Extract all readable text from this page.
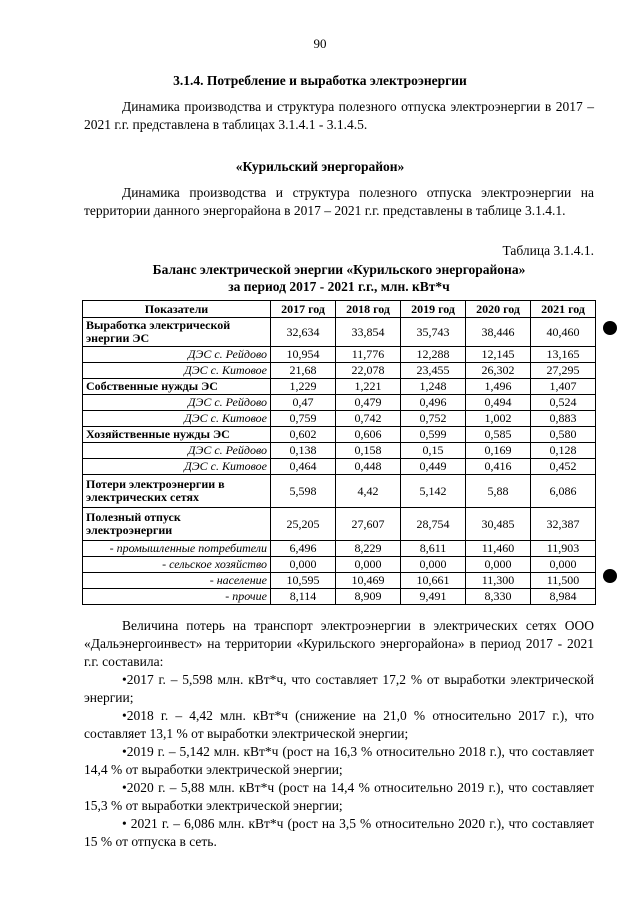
90
3.1.4. Потребление и выработка электроэнергии
Динамика производства и структура полезного отпуска электроэнергии в 2017 – 2021 г.г. представлена в таблицах 3.1.4.1 - 3.1.4.5.
«Курильский энергорайон»
Динамика производства и структура полезного отпуска электроэнергии на территории данного энергорайона в 2017 – 2021 г.г. представлены в таблице 3.1.4.1.
Таблица 3.1.4.1.
Баланс электрической энергии «Курильского энергорайона»
за период 2017 - 2021 г.г., млн. кВт*ч
Показатели	2017 год	2018 год	2019 год	2020 год	2021 год
Выработка электрической энергии ЭС	32,634	33,854	35,743	38,446	40,460
ДЭС с. Рейдово	10,954	11,776	12,288	12,145	13,165
ДЭС с. Китовое	21,68	22,078	23,455	26,302	27,295
Собственные нужды ЭС	1,229	1,221	1,248	1,496	1,407
ДЭС с. Рейдово	0,47	0,479	0,496	0,494	0,524
ДЭС с. Китовое	0,759	0,742	0,752	1,002	0,883
Хозяйственные нужды ЭС	0,602	0,606	0,599	0,585	0,580
ДЭС с. Рейдово	0,138	0,158	0,15	0,169	0,128
ДЭС с. Китовое	0,464	0,448	0,449	0,416	0,452
Потери электроэнергии в электрических сетях	5,598	4,42	5,142	5,88	6,086
Полезный отпуск электроэнергии	25,205	27,607	28,754	30,485	32,387
- промышленные потребители	6,496	8,229	8,611	11,460	11,903
- сельское хозяйство	0,000	0,000	0,000	0,000	0,000
- население	10,595	10,469	10,661	11,300	11,500
- прочие	8,114	8,909	9,491	8,330	8,984
Величина потерь на транспорт электроэнергии в электрических сетях ООО «Дальэнергоинвест» на территории «Курильского энергорайона» в период 2017 - 2021 г.г. составила:
•2017 г. – 5,598 млн. кВт*ч, что составляет 17,2 % от выработки электрической энергии;
•2018 г. – 4,42 млн. кВт*ч (снижение на 21,0 % относительно 2017 г.), что составляет 13,1 % от выработки электрической энергии;
•2019 г. – 5,142 млн. кВт*ч (рост на 16,3 % относительно 2018 г.), что составляет 14,4 % от выработки электрической энергии;
•2020 г. – 5,88 млн. кВт*ч (рост на 14,4 % относительно 2019 г.), что составляет 15,3 % от выработки электрической энергии;
• 2021 г. – 6,086 млн. кВт*ч (рост на 3,5 % относительно 2020 г.), что составляет 15 % от отпуска в сеть.
